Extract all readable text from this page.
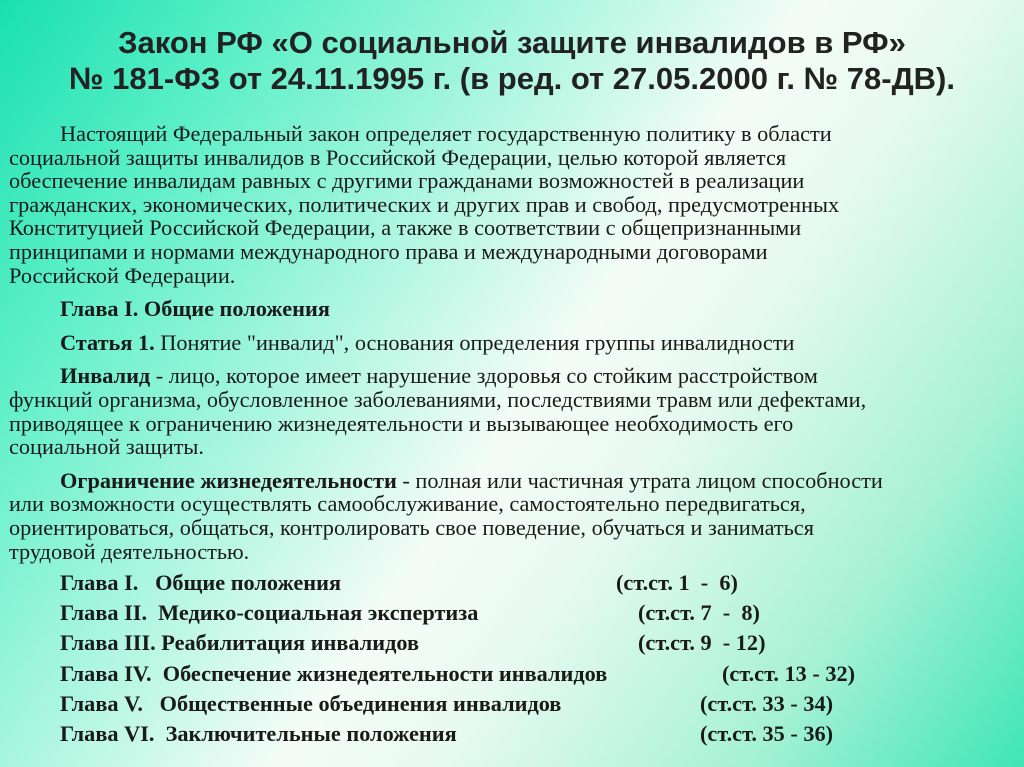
Закон РФ «О социальной защите инвалидов в РФ»
№ 181-ФЗ от 24.11.1995 г. (в ред. от 27.05.2000 г. № 78-ДВ).

Настоящий Федеральный закон определяет государственную политику в области
социальной защиты инвалидов в Российской Федерации, целью которой является
обеспечение инвалидам равных с другими гражданами возможностей в реализации
гражданских, экономических, политических и других прав и свобод, предусмотренных
Конституцией Российской Федерации, а также в соответствии с общепризнанными
принципами и нормами международного права и международными договорами
Российской Федерации.

Глава I. Общие положения

Статья 1. Понятие "инвалид", основания определения группы инвалидности

Инвалид - лицо, которое имеет нарушение здоровья со стойким расстройством
функций организма, обусловленное заболеваниями, последствиями травм или дефектами,
приводящее к ограничению жизнедеятельности и вызывающее необходимость его
социальной защиты.

Ограничение жизнедеятельности - полная или частичная утрата лицом способности
или возможности осуществлять самообслуживание, самостоятельно передвигаться,
ориентироваться, общаться, контролировать свое поведение, обучаться и заниматься
трудовой деятельностью.

Глава I.   Общие положения	(ст.ст. 1  -  6)
Глава II.  Медико-социальная экспертиза	(ст.ст. 7  -  8)
Глава III. Реабилитация инвалидов	(ст.ст. 9  - 12)
Глава IV.  Обеспечение жизнедеятельности инвалидов	(ст.ст. 13 - 32)
Глава V.   Общественные объединения инвалидов	(ст.ст. 33 - 34)
Глава VI.  Заключительные положения	(ст.ст. 35 - 36)
